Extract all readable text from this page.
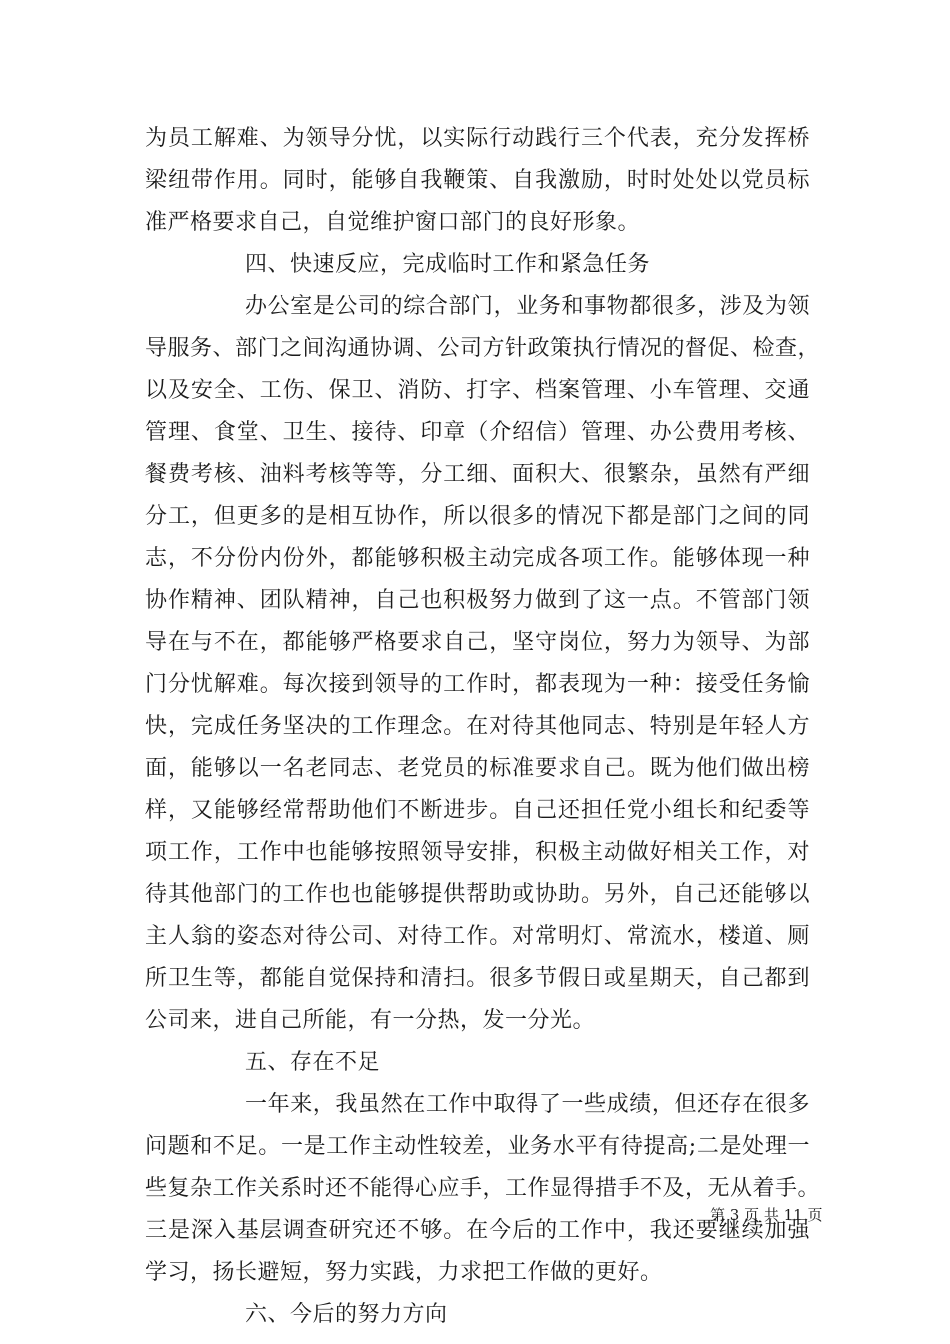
为员工解难、为领导分忧，以实际行动践行三个代表，充分发挥桥
梁纽带作用。同时，能够自我鞭策、自我激励，时时处处以党员标
准严格要求自己，自觉维护窗口部门的良好形象。
四、快速反应，完成临时工作和紧急任务
办公室是公司的综合部门，业务和事物都很多，涉及为领
导服务、部门之间沟通协调、公司方针政策执行情况的督促、检查，
以及安全、工伤、保卫、消防、打字、档案管理、小车管理、交通
管理、食堂、卫生、接待、印章（介绍信）管理、办公费用考核、
餐费考核、油料考核等等，分工细、面积大、很繁杂，虽然有严细
分工，但更多的是相互协作，所以很多的情况下都是部门之间的同
志，不分份内份外，都能够积极主动完成各项工作。能够体现一种
协作精神、团队精神，自己也积极努力做到了这一点。不管部门领
导在与不在，都能够严格要求自己，坚守岗位，努力为领导、为部
门分忧解难。每次接到领导的工作时，都表现为一种：接受任务愉
快，完成任务坚决的工作理念。在对待其他同志、特别是年轻人方
面，能够以一名老同志、老党员的标准要求自己。既为他们做出榜
样，又能够经常帮助他们不断进步。自己还担任党小组长和纪委等
项工作，工作中也能够按照领导安排，积极主动做好相关工作，对
待其他部门的工作也也能够提供帮助或协助。另外，自己还能够以
主人翁的姿态对待公司、对待工作。对常明灯、常流水，楼道、厕
所卫生等，都能自觉保持和清扫。很多节假日或星期天，自己都到
公司来，进自己所能，有一分热，发一分光。
五、存在不足
一年来，我虽然在工作中取得了一些成绩，但还存在很多
问题和不足。一是工作主动性较差，业务水平有待提高;二是处理一
些复杂工作关系时还不能得心应手，工作显得措手不及，无从着手。
三是深入基层调查研究还不够。在今后的工作中，我还要继续加强
学习，扬长避短，努力实践，力求把工作做的更好。
六、今后的努力方向
第 3 页 共 11 页
